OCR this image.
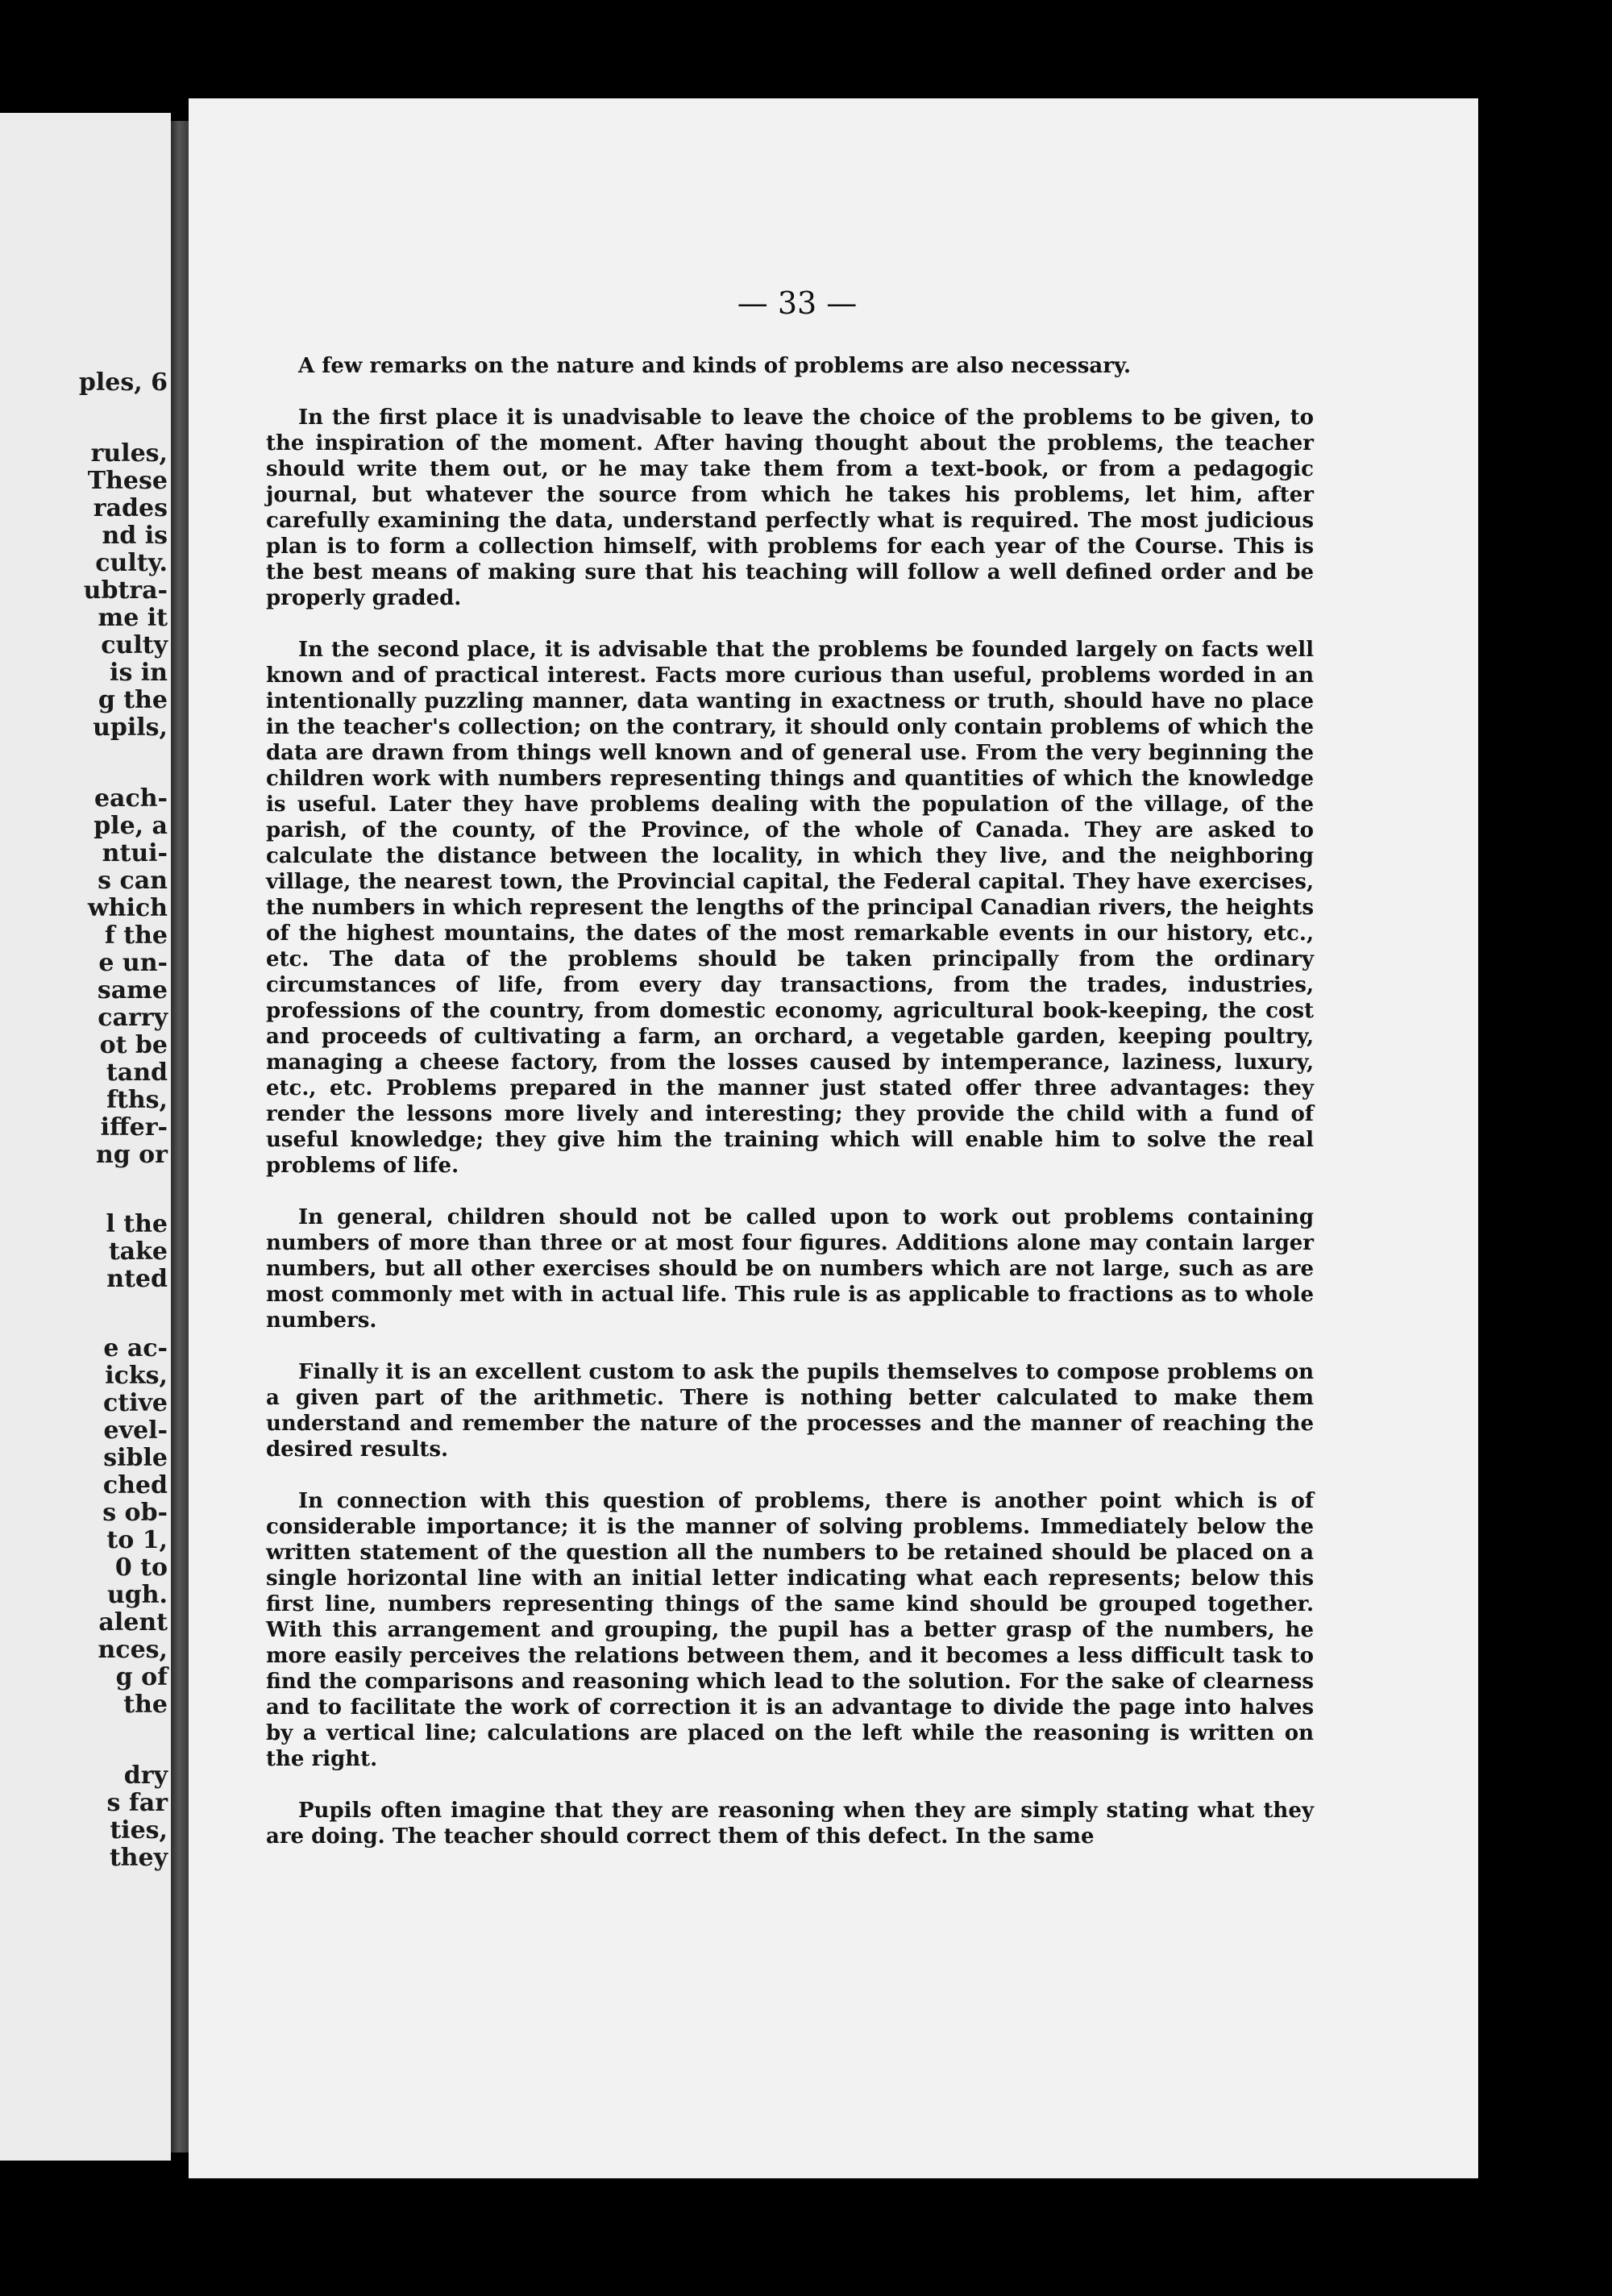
ples, 6
rules,
These
rades
nd is
culty.
ubtra-
me it
culty
is in
g the
upils,
each-
ple, a
ntui-
s can
which
f the
e un-
same
carry
ot be
tand
fths,
iffer-
ng or
l the
take
nted
e ac-
icks,
ctive
evel-
sible
ched
s ob-
to 1,
0 to
ugh.
alent
nces,
g of
the
dry
s far
ties,
they
— 33 —

A few remarks on the nature and kinds of problems are also necessary.

In the first place it is unadvisable to leave the choice of the problems to be given, to the inspiration of the moment. After having thought about the problems, the teacher should write them out, or he may take them from a text-book, or from a pedagogic journal, but whatever the source from which he takes his problems, let him, after carefully examining the data, understand perfectly what is required. The most judicious plan is to form a collection himself, with problems for each year of the Course. This is the best means of making sure that his teaching will follow a well defined order and be properly graded.

In the second place, it is advisable that the problems be founded largely on facts well known and of practical interest. Facts more curious than useful, problems worded in an intentionally puzzling manner, data wanting in exactness or truth, should have no place in the teacher's collection; on the contrary, it should only contain problems of which the data are drawn from things well known and of general use. From the very beginning the children work with numbers representing things and quantities of which the knowledge is useful. Later they have problems dealing with the population of the village, of the parish, of the county, of the Province, of the whole of Canada. They are asked to calculate the distance between the locality, in which they live, and the neighboring village, the nearest town, the Provincial capital, the Federal capital. They have exercises, the numbers in which represent the lengths of the principal Canadian rivers, the heights of the highest mountains, the dates of the most remarkable events in our history, etc., etc. The data of the problems should be taken principally from the ordinary circumstances of life, from every day transactions, from the trades, industries, professions of the country, from domestic economy, agricultural book-keeping, the cost and proceeds of cultivating a farm, an orchard, a vegetable garden, keeping poultry, managing a cheese factory, from the losses caused by intemperance, laziness, luxury, etc., etc. Problems prepared in the manner just stated offer three advantages: they render the lessons more lively and interesting; they provide the child with a fund of useful knowledge; they give him the training which will enable him to solve the real problems of life.

In general, children should not be called upon to work out problems containing numbers of more than three or at most four figures. Additions alone may contain larger numbers, but all other exercises should be on numbers which are not large, such as are most commonly met with in actual life. This rule is as applicable to fractions as to whole numbers.

Finally it is an excellent custom to ask the pupils themselves to compose problems on a given part of the arithmetic. There is nothing better calculated to make them understand and remember the nature of the processes and the manner of reaching the desired results.

In connection with this question of problems, there is another point which is of considerable importance; it is the manner of solving problems. Immediately below the written statement of the question all the numbers to be retained should be placed on a single horizontal line with an initial letter indicating what each represents; below this first line, numbers representing things of the same kind should be grouped together. With this arrangement and grouping, the pupil has a better grasp of the numbers, he more easily perceives the relations between them, and it becomes a less difficult task to find the comparisons and reasoning which lead to the solution. For the sake of clearness and to facilitate the work of correction it is an advantage to divide the page into halves by a vertical line; calculations are placed on the left while the reasoning is written on the right.

Pupils often imagine that they are reasoning when they are simply stating what they are doing. The teacher should correct them of this defect. In the same
